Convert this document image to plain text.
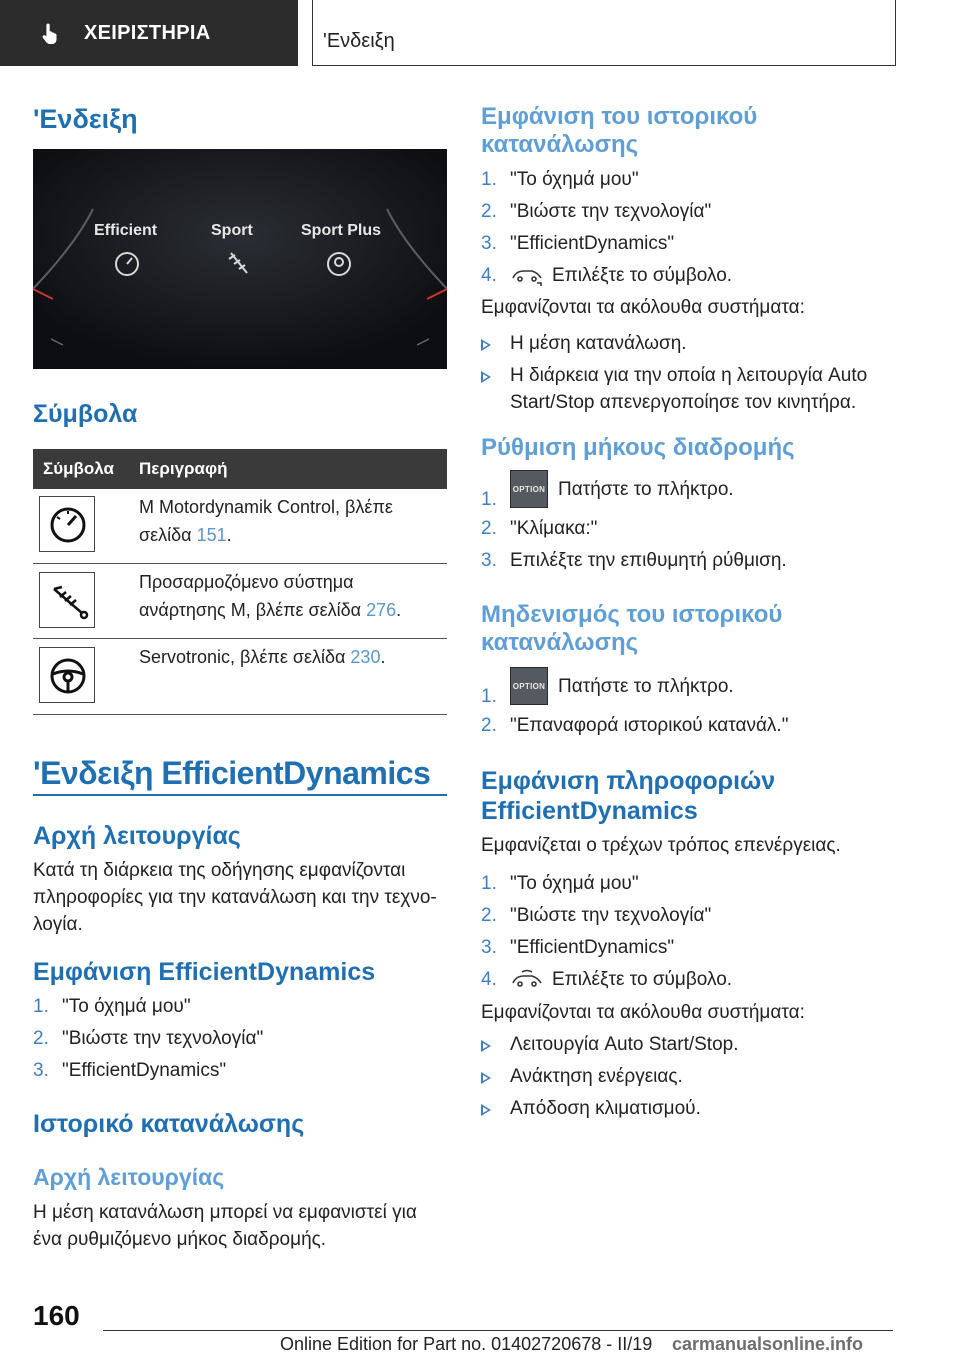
ΧΕΙΡΙΣΤΗΡΙΑ	'Ενδειξη
'Ενδειξη
Efficient	Sport	Sport Plus
Σύμβολα
Σύμβολα Περιγραφή
M Motordynamik Control, βλέπε
σελίδα 151.
Προσαρμοζόμενο σύστημα
ανάρτησης M, βλέπε σελίδα 276.
Servotronic, βλέπε σελίδα 230.
'Ενδειξη EfficientDynamics
Αρχή λειτουργίας
Κατά τη διάρκεια της οδήγησης εμφανίζονται
πληροφορίες για την κατανάλωση και την τεχνο-
λογία.
Εμφάνιση EfficientDynamics
1. "Το όχημά μου"
2. "Βιώστε την τεχνολογία"
3. "EfficientDynamics"
Ιστορικό κατανάλωσης
Αρχή λειτουργίας
Η μέση κατανάλωση μπορεί να εμφανιστεί για
ένα ρυθμιζόμενο μήκος διαδρομής.
Εμφάνιση του ιστορικού
κατανάλωσης
1. "Το όχημά μου"
2. "Βιώστε την τεχνολογία"
3. "EfficientDynamics"
4.	Επιλέξτε το σύμβολο.
Εμφανίζονται τα ακόλουθα συστήματα:
Η μέση κατανάλωση.
Η διάρκεια για την οποία η λειτουργία Auto
Start/Stop απενεργοποίησε τον κινητήρα.
Ρύθμιση μήκους διαδρομής
1.	OPTION Πατήστε το πλήκτρο.
2. "Κλίμακα:"
3. Επιλέξτε την επιθυμητή ρύθμιση.
Μηδενισμός του ιστορικού
κατανάλωσης
1.	OPTION Πατήστε το πλήκτρο.
2. "Επαναφορά ιστορικού κατανάλ."
Εμφάνιση πληροφοριών
EfficientDynamics
Εμφανίζεται ο τρέχων τρόπος επενέργειας.
1. "Το όχημά μου"
2. "Βιώστε την τεχνολογία"
3. "EfficientDynamics"
4.	Επιλέξτε το σύμβολο.
Εμφανίζονται τα ακόλουθα συστήματα:
Λειτουργία Auto Start/Stop.
Ανάκτηση ενέργειας.
Απόδοση κλιματισμού.
160
Online Edition for Part no. 01402720678 - II/19 carmanualsonline.info
